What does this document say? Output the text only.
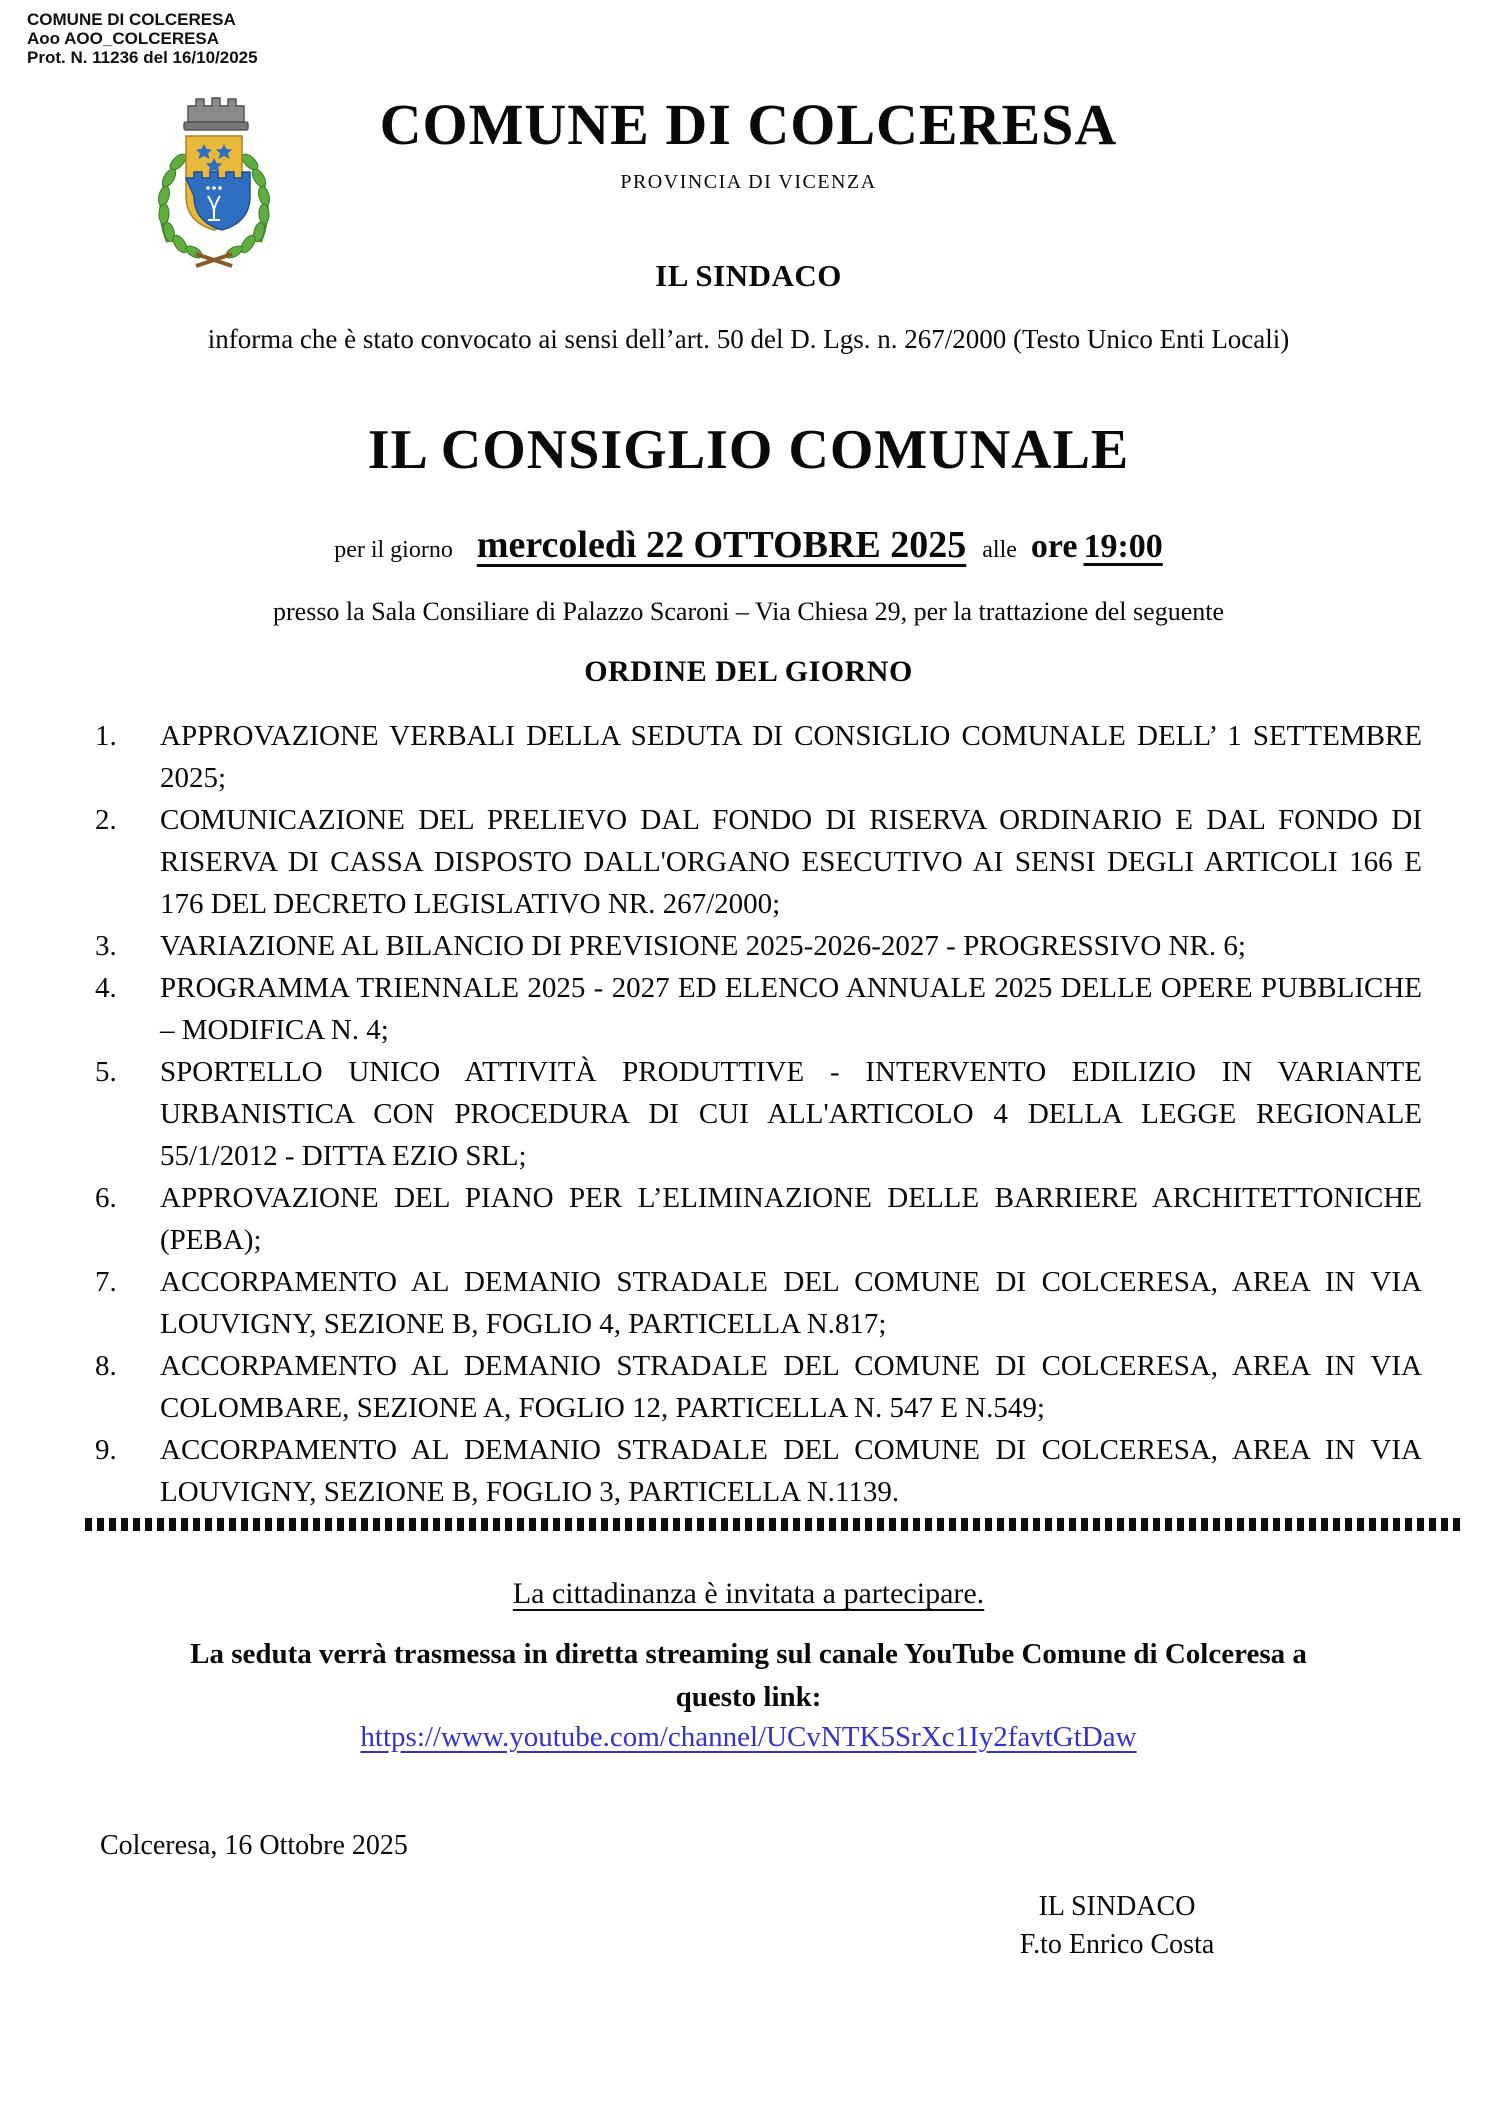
COMUNE DI COLCERESA
Aoo AOO_COLCERESA
Prot. N. 11236 del 16/10/2025
COMUNE DI COLCERESA
PROVINCIA DI VICENZA
IL SINDACO

informa che è stato convocato ai sensi dell’art. 50 del D. Lgs. n. 267/2000 (Testo Unico Enti Locali)

IL CONSIGLIO COMUNALE

per il giorno mercoledì 22 OTTOBRE 2025 alle ore 19:00

presso la Sala Consiliare di Palazzo Scaroni – Via Chiesa 29, per la trattazione del seguente

ORDINE DEL GIORNO
1.	APPROVAZIONE VERBALI DELLA SEDUTA DI CONSIGLIO COMUNALE DELL’ 1 SETTEMBRE 2025;
2.	COMUNICAZIONE DEL PRELIEVO DAL FONDO DI RISERVA ORDINARIO E DAL FONDO DI RISERVA DI CASSA DISPOSTO DALL'ORGANO ESECUTIVO AI SENSI DEGLI ARTICOLI 166 E 176 DEL DECRETO LEGISLATIVO NR. 267/2000;
3.	VARIAZIONE AL BILANCIO DI PREVISIONE 2025-2026-2027 - PROGRESSIVO NR. 6;
4.	PROGRAMMA TRIENNALE 2025 - 2027 ED ELENCO ANNUALE 2025 DELLE OPERE PUBBLICHE – MODIFICA N. 4;
5.	SPORTELLO UNICO ATTIVITÀ PRODUTTIVE - INTERVENTO EDILIZIO IN VARIANTE URBANISTICA CON PROCEDURA DI CUI ALL'ARTICOLO 4 DELLA LEGGE REGIONALE 55/1/2012 - DITTA EZIO SRL;
6.	APPROVAZIONE DEL PIANO PER L’ELIMINAZIONE DELLE BARRIERE ARCHITETTONICHE (PEBA);
7.	ACCORPAMENTO AL DEMANIO STRADALE DEL COMUNE DI COLCERESA, AREA IN VIA LOUVIGNY, SEZIONE B, FOGLIO 4, PARTICELLA N.817;
8.	ACCORPAMENTO AL DEMANIO STRADALE DEL COMUNE DI COLCERESA, AREA IN VIA COLOMBARE, SEZIONE A, FOGLIO 12, PARTICELLA N. 547 E N.549;
9.	ACCORPAMENTO AL DEMANIO STRADALE DEL COMUNE DI COLCERESA, AREA IN VIA LOUVIGNY, SEZIONE B, FOGLIO 3, PARTICELLA N.1139.

La cittadinanza è invitata a partecipare.

La seduta verrà trasmessa in diretta streaming sul canale YouTube Comune di Colceresa a
questo link:

https://www.youtube.com/channel/UCvNTK5SrXc1Iy2favtGtDaw

Colceresa, 16 Ottobre 2025

IL SINDACO
F.to Enrico Costa
